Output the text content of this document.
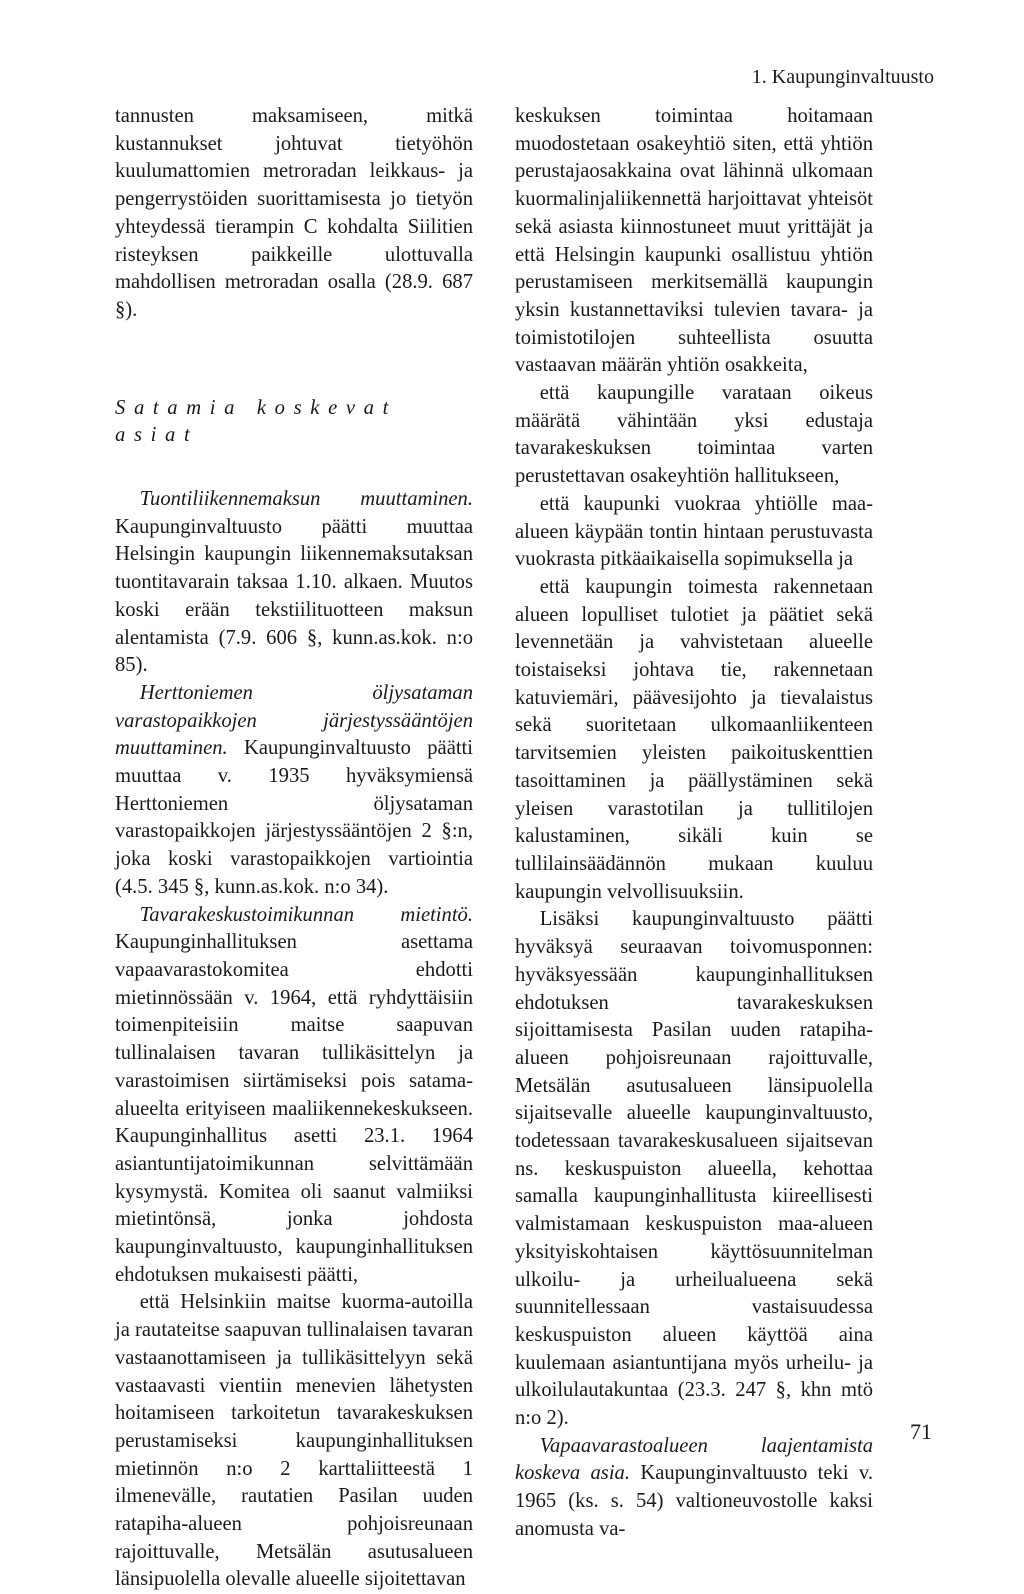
1. Kaupunginvaltuusto

tannusten maksamiseen, mitkä kustannukset johtuvat tietyöhön kuulumattomien metroradan leikkaus- ja pengerrystöiden suorittamisesta jo tietyön yhteydessä tierampin C kohdalta Siilitien risteyksen paikkeille ulottuvalla mahdollisen metroradan osalla (28.9. 687 §).

Satamia koskevat asiat

Tuontiliikennemaksun muuttaminen. Kaupunginvaltuusto päätti muuttaa Helsingin kaupungin liikennemaksutaksan tuontitavarain taksaa 1.10. alkaen. Muutos koski erään tekstiilituotteen maksun alentamista (7.9. 606 §, kunn.as.kok. n:o 85).

Herttoniemen öljysataman varastopaikkojen järjestyssääntöjen muuttaminen. Kaupunginvaltuusto päätti muuttaa v. 1935 hyväksymiensä Herttoniemen öljysataman varastopaikkojen järjestyssääntöjen 2 §:n, joka koski varastopaikkojen vartiointia (4.5. 345 §, kunn.as.kok. n:o 34).

Tavarakeskustoimikunnan mietintö. Kaupunginhallituksen asettama vapaavarastokomitea ehdotti mietinnössään v. 1964, että ryhdyttäisiin toimenpiteisiin maitse saapuvan tullinalaisen tavaran tullikäsittelyn ja varastoimisen siirtämiseksi pois satama-alueelta erityiseen maaliikennekeskukseen. Kaupunginhallitus asetti 23.1. 1964 asiantuntijatoimikunnan selvittämään kysymystä. Komitea oli saanut valmiiksi mietintönsä, jonka johdosta kaupunginvaltuusto, kaupunginhallituksen ehdotuksen mukaisesti päätti,

että Helsinkiin maitse kuorma-autoilla ja rautateitse saapuvan tullinalaisen tavaran vastaanottamiseen ja tullikäsittelyyn sekä vastaavasti vientiin menevien lähetysten hoitamiseen tarkoitetun tavarakeskuksen perustamiseksi kaupunginhallituksen mietinnön n:o 2 karttaliitteestä 1 ilmenevälle, rautatien Pasilan uuden ratapiha-alueen pohjoisreunaan rajoittuvalle, Metsälän asutusalueen länsipuolella olevalle alueelle sijoitettavan

keskuksen toimintaa hoitamaan muodostetaan osakeyhtiö siten, että yhtiön perustajaosakkaina ovat lähinnä ulkomaan kuormalinjaliikennettä harjoittavat yhteisöt sekä asiasta kiinnostuneet muut yrittäjät ja että Helsingin kaupunki osallistuu yhtiön perustamiseen merkitsemällä kaupungin yksin kustannettaviksi tulevien tavara- ja toimistotilojen suhteellista osuutta vastaavan määrän yhtiön osakkeita,

että kaupungille varataan oikeus määrätä vähintään yksi edustaja tavarakeskuksen toimintaa varten perustettavan osakeyhtiön hallitukseen,

että kaupunki vuokraa yhtiölle maa-alueen käypään tontin hintaan perustuvasta vuokrasta pitkäaikaisella sopimuksella ja

että kaupungin toimesta rakennetaan alueen lopulliset tulotiet ja päätiet sekä levennetään ja vahvistetaan alueelle toistaiseksi johtava tie, rakennetaan katuviemäri, päävesijohto ja tievalaistus sekä suoritetaan ulkomaanliikenteen tarvitsemien yleisten paikoituskenttien tasoittaminen ja päällystäminen sekä yleisen varastotilan ja tullitilojen kalustaminen, sikäli kuin se tullilainsäädännön mukaan kuuluu kaupungin velvollisuuksiin.

Lisäksi kaupunginvaltuusto päätti hyväksyä seuraavan toivomusponnen: hyväksyessään kaupunginhallituksen ehdotuksen tavarakeskuksen sijoittamisesta Pasilan uuden ratapiha-alueen pohjoisreunaan rajoittuvalle, Metsälän asutusalueen länsipuolella sijaitsevalle alueelle kaupunginvaltuusto, todetessaan tavarakeskusalueen sijaitsevan ns. keskuspuiston alueella, kehottaa samalla kaupunginhallitusta kiireellisesti valmistamaan keskuspuiston maa-alueen yksityiskohtaisen käyttösuunnitelman ulkoilu- ja urheilualueena sekä suunnitellessaan vastaisuudessa keskuspuiston alueen käyttöä aina kuulemaan asiantuntijana myös urheilu- ja ulkoilulautakuntaa (23.3. 247 §, khn mtö n:o 2).

Vapaavarastoalueen laajentamista koskeva asia. Kaupunginvaltuusto teki v. 1965 (ks. s. 54) valtioneuvostolle kaksi anomusta va-

71
